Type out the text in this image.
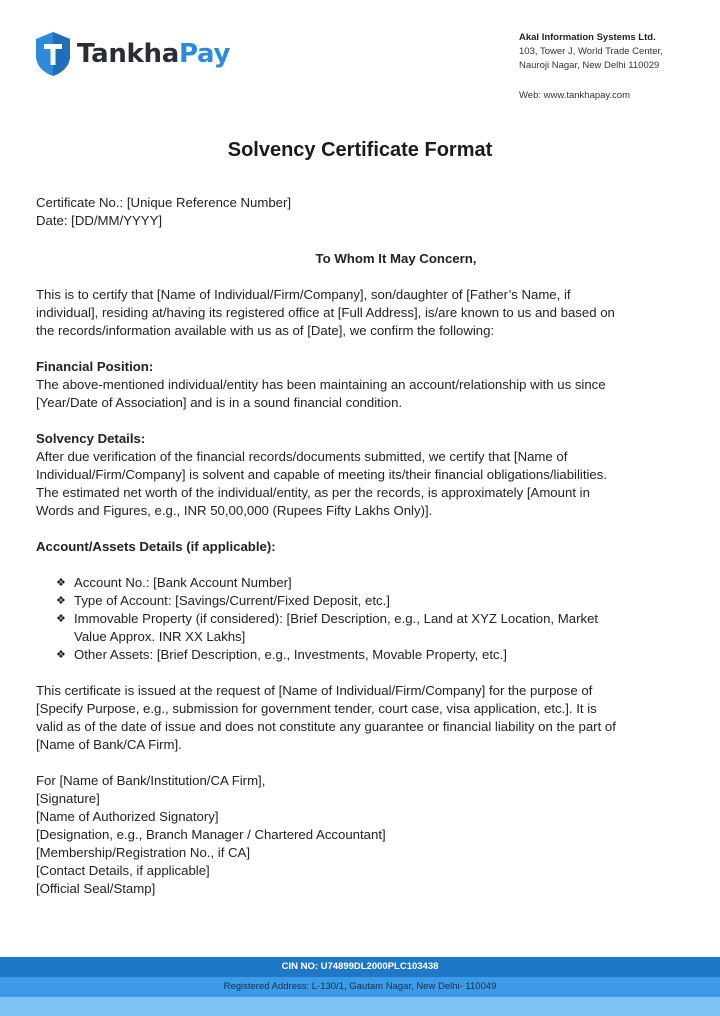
TankhaPay
Akal Information Systems Ltd.
103, Tower J, World Trade Center,
Nauroji Nagar, New Delhi 110029
Web: www.tankhapay.com
Solvency Certificate Format

Certificate No.: [Unique Reference Number]

Date: [DD/MM/YYYY]

To Whom It May Concern,

This is to certify that [Name of Individual/Firm/Company], son/daughter of [Father’s Name, if

individual], residing at/having its registered office at [Full Address], is/are known to us and based on

the records/information available with us as of [Date], we confirm the following:

Financial Position:

The above-mentioned individual/entity has been maintaining an account/relationship with us since

[Year/Date of Association] and is in a sound financial condition.

Solvency Details:

After due verification of the financial records/documents submitted, we certify that [Name of

Individual/Firm/Company] is solvent and capable of meeting its/their financial obligations/liabilities.

The estimated net worth of the individual/entity, as per the records, is approximately [Amount in

Words and Figures, e.g., INR 50,00,000 (Rupees Fifty Lakhs Only)].

Account/Assets Details (if applicable):

❖ Account No.: [Bank Account Number]
❖ Type of Account: [Savings/Current/Fixed Deposit, etc.]
❖ Immovable Property (if considered): [Brief Description, e.g., Land at XYZ Location, Market
Value Approx. INR XX Lakhs]
❖ Other Assets: [Brief Description, e.g., Investments, Movable Property, etc.]

This certificate is issued at the request of [Name of Individual/Firm/Company] for the purpose of

[Specify Purpose, e.g., submission for government tender, court case, visa application, etc.]. It is

valid as of the date of issue and does not constitute any guarantee or financial liability on the part of

[Name of Bank/CA Firm].

For [Name of Bank/Institution/CA Firm],

[Signature]

[Name of Authorized Signatory]

[Designation, e.g., Branch Manager / Chartered Accountant]

[Membership/Registration No., if CA]

[Contact Details, if applicable]

[Official Seal/Stamp]

CIN NO: U74899DL2000PLC103438
Registered Address: L-130/1, Gautam Nagar, New Delhi- 110049
